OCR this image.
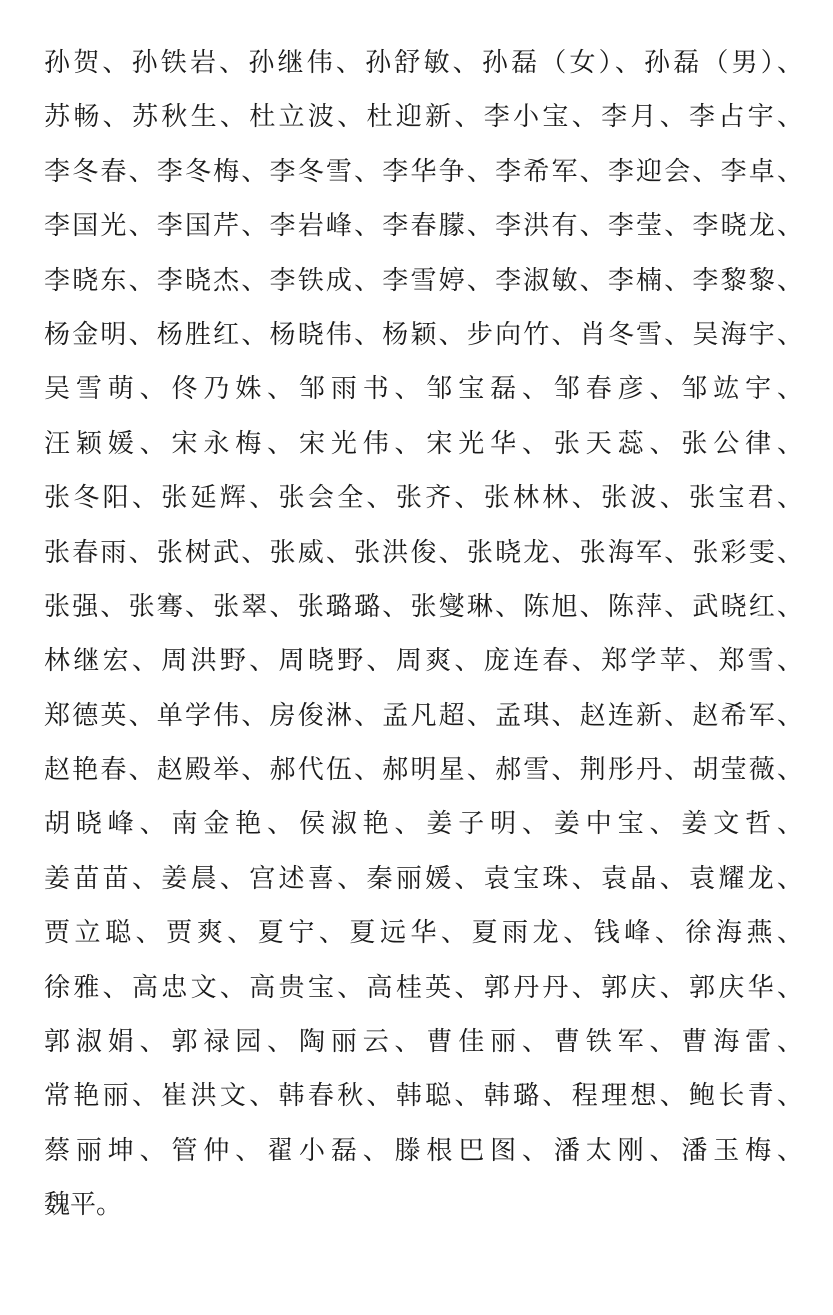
孙贺、孙铁岩、孙继伟、孙舒敏、孙磊（女）、孙磊（男）、
苏畅、苏秋生、杜立波、杜迎新、李小宝、李月、李占宇、
李冬春、李冬梅、李冬雪、李华争、李希军、李迎会、李卓、
李国光、李国芹、李岩峰、李春朦、李洪有、李莹、李晓龙、
李晓东、李晓杰、李铁成、李雪婷、李淑敏、李楠、李黎黎、
杨金明、杨胜红、杨晓伟、杨颖、步向竹、肖冬雪、吴海宇、
吴雪萌、佟乃姝、邹雨书、邹宝磊、邹春彦、邹竑宇、
汪颖媛、宋永梅、宋光伟、宋光华、张天蕊、张公律、
张冬阳、张延辉、张会全、张齐、张林林、张波、张宝君、
张春雨、张树武、张威、张洪俊、张晓龙、张海军、张彩雯、
张强、张骞、张翠、张璐璐、张燮琳、陈旭、陈萍、武晓红、
林继宏、周洪野、周晓野、周爽、庞连春、郑学苹、郑雪、
郑德英、单学伟、房俊淋、孟凡超、孟琪、赵连新、赵希军、
赵艳春、赵殿举、郝代伍、郝明星、郝雪、荆彤丹、胡莹薇、
胡晓峰、南金艳、侯淑艳、姜子明、姜中宝、姜文哲、
姜苗苗、姜晨、宫述喜、秦丽媛、袁宝珠、袁晶、袁耀龙、
贾立聪、贾爽、夏宁、夏远华、夏雨龙、钱峰、徐海燕、
徐雅、高忠文、高贵宝、高桂英、郭丹丹、郭庆、郭庆华、
郭淑娟、郭禄园、陶丽云、曹佳丽、曹铁军、曹海雷、
常艳丽、崔洪文、韩春秋、韩聪、韩璐、程理想、鲍长青、
蔡丽坤、管仲、翟小磊、滕根巴图、潘太刚、潘玉梅、
魏平。
